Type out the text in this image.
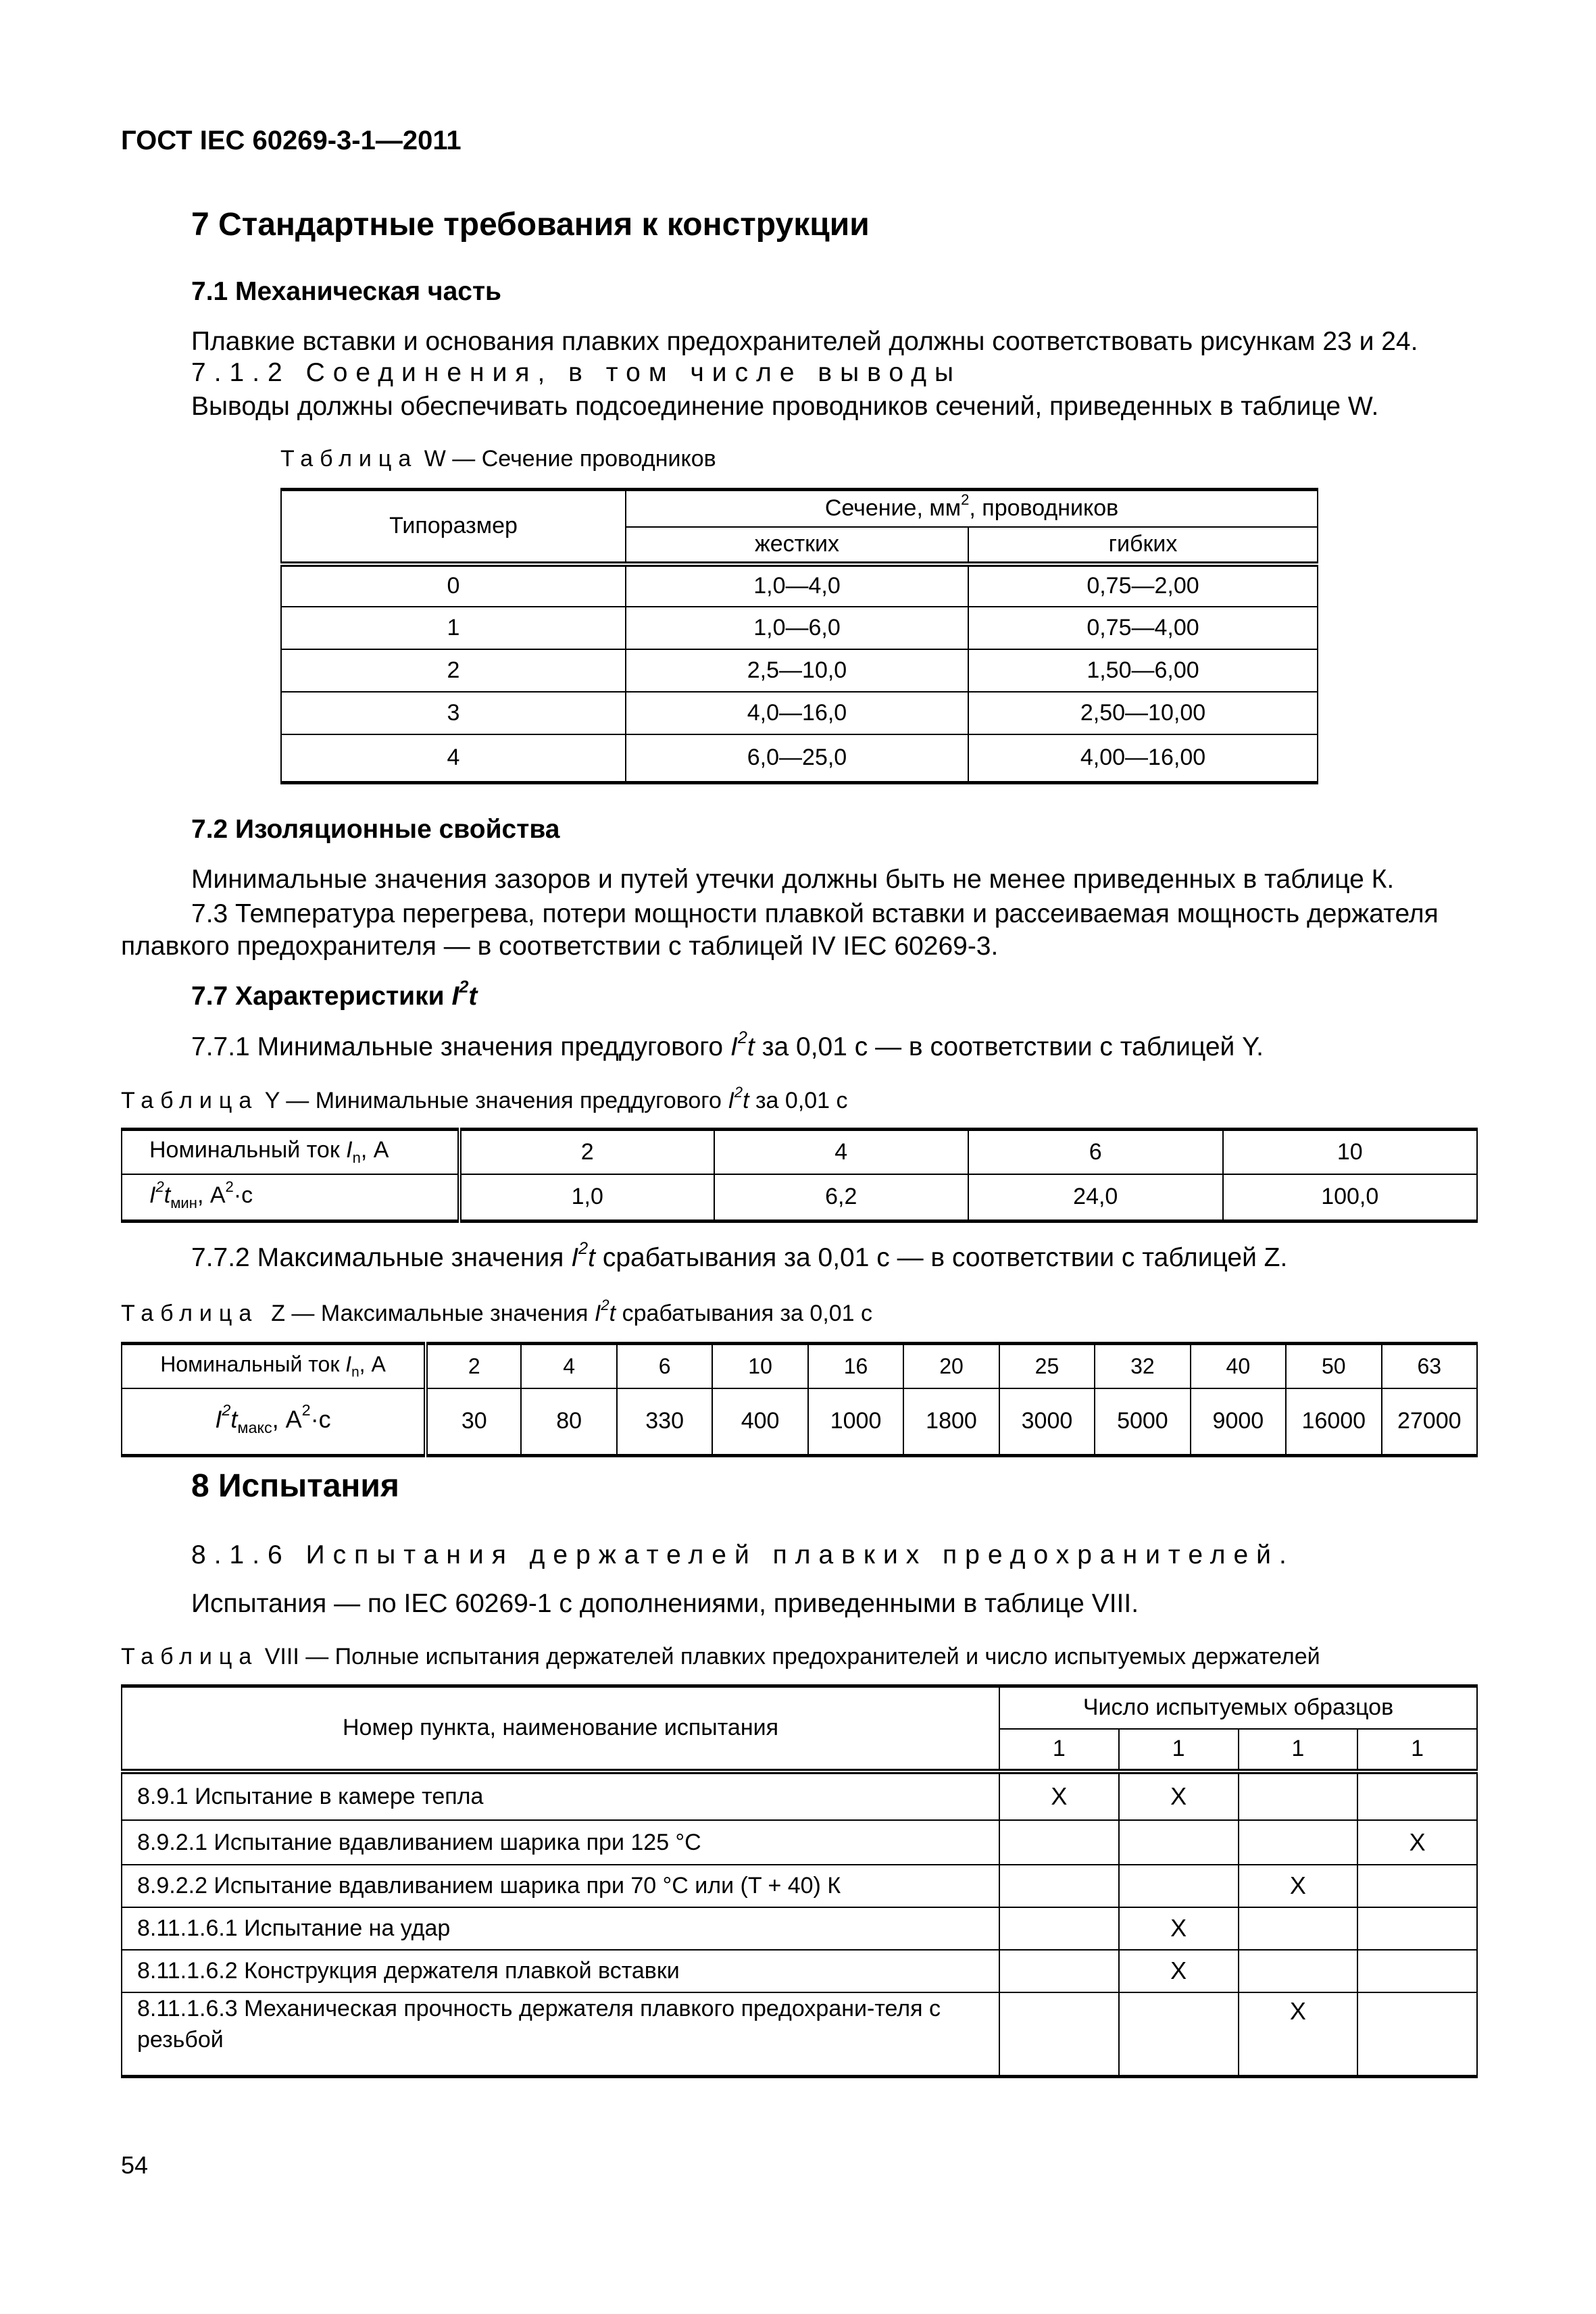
ГОСТ IEC 60269-3-1—2011
7 Стандартные требования к конструкции
7.1 Механическая часть
Плавкие вставки и основания плавких предохранителей должны соответствовать рисункам 23 и 24.
7.1.2 Соединения, в том числе выводы
Выводы должны обеспечивать подсоединение проводников сечений, приведенных в таблице W.
Таблица W — Сечение проводников
Типоразмер	Сечение, $мм^2$, проводников	
	жестких	гибких
0	1,0—4,0	0,75—2,00
1	1,0—6,0	0,75—4,00
2	2,5—10,0	1,50—6,00
3	4,0—16,0	2,50—10,00
4	6,0—25,0	4,00—16,00
7.2 Изоляционные свойства
Минимальные значения зазоров и путей утечки должны быть не менее приведенных в таблице К.
7.3 Температура перегрева, потери мощности плавкой вставки и рассеиваемая мощность держателя
плавкого предохранителя — в соответствии с таблицей IV IEC 60269-3.
7.7 Характеристики $I^2t$
7.7.1 Минимальные значения преддугового $I^2t$ за 0,01 с — в соответствии с таблицей Y.
Таблица Y — Минимальные значения преддугового $I^2t$ за 0,01 с
Номинальный ток $I_n$, А	2	4	6	10
$I^2t_{мин}$, $А^2\cdot с$	1,0	6,2	24,0	100,0
7.7.2 Максимальные значения $I^2t$ срабатывания за 0,01 с — в соответствии с таблицей Z.
Таблица  Z — Максимальные значения $I^2t$ срабатывания за 0,01 с
Номинальный ток $I_n$, А	2	4	6	10	16	20	25	32	40	50	63
$I^2t_{макс}$, $А^2\cdot с$	30	80	330	400	1000	1800	3000	5000	9000	16000	27000
8 Испытания
8.1.6 Испытания держателей плавких предохранителей.
Испытания — по IEC 60269-1 с дополнениями, приведенными в таблице VIII.
Таблица VIII — Полные испытания держателей плавких предохранителей и число испытуемых держателей
Номер пункта, наименование испытания	Число испытуемых образцов			
	1	1	1	1
8.9.1 Испытание в камере тепла	X	X		
8.9.2.1 Испытание вдавливанием шарика при 125 °С				X
8.9.2.2 Испытание вдавливанием шарика при 70 °С или (T + 40) К			X	
8.11.1.6.1 Испытание на удар		X		
8.11.1.6.2 Конструкция держателя плавкой вставки		X		
8.11.1.6.3 Механическая прочность держателя плавкого предохрани-теля с резьбой			X	
54
